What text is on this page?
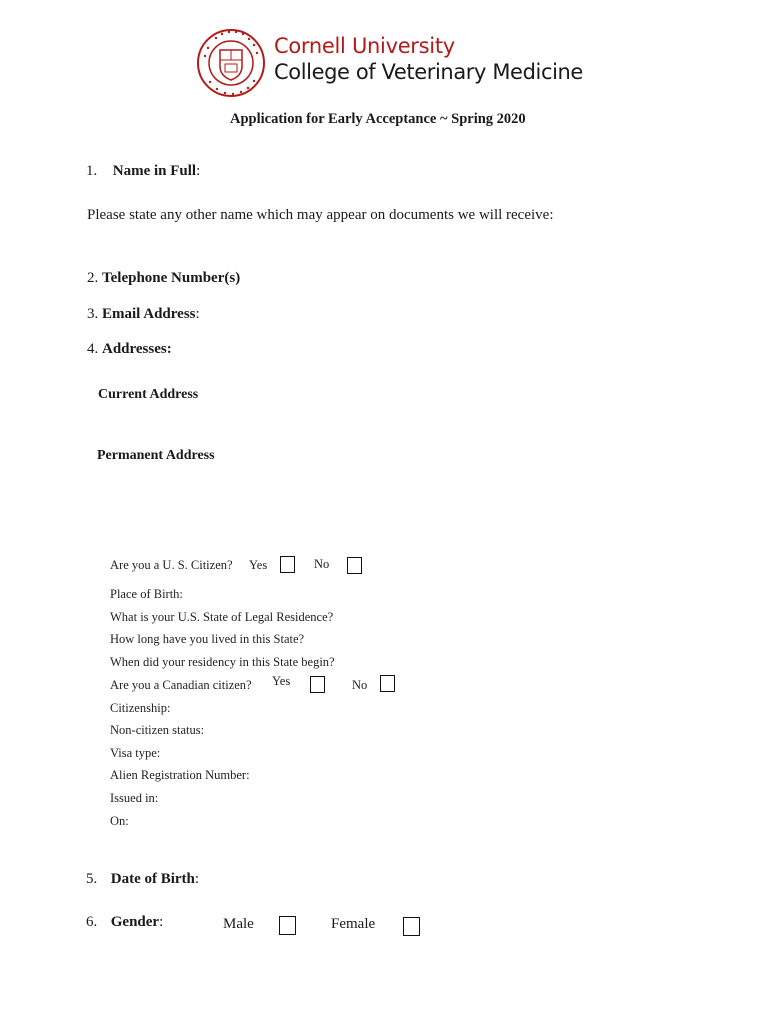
Cornell University
College of Veterinary Medicine
Application for Early Acceptance ~ Spring 2020
1. Name in Full:
Please state any other name which may appear on documents we will receive:
2. Telephone Number(s)
3. Email Address:
4. Addresses:
Current Address
Permanent Address
Are you a U. S. Citizen? Yes	No
Place of Birth:
What is your U.S. State of Legal Residence?
How long have you lived in this State?
When did your residency in this State begin?
Are you a Canadian citizen? Yes	No
Citizenship:
Non-citizen status:
Visa type:
Alien Registration Number:
Issued in:
On:
5. Date of Birth:
6. Gender:	Male	Female
